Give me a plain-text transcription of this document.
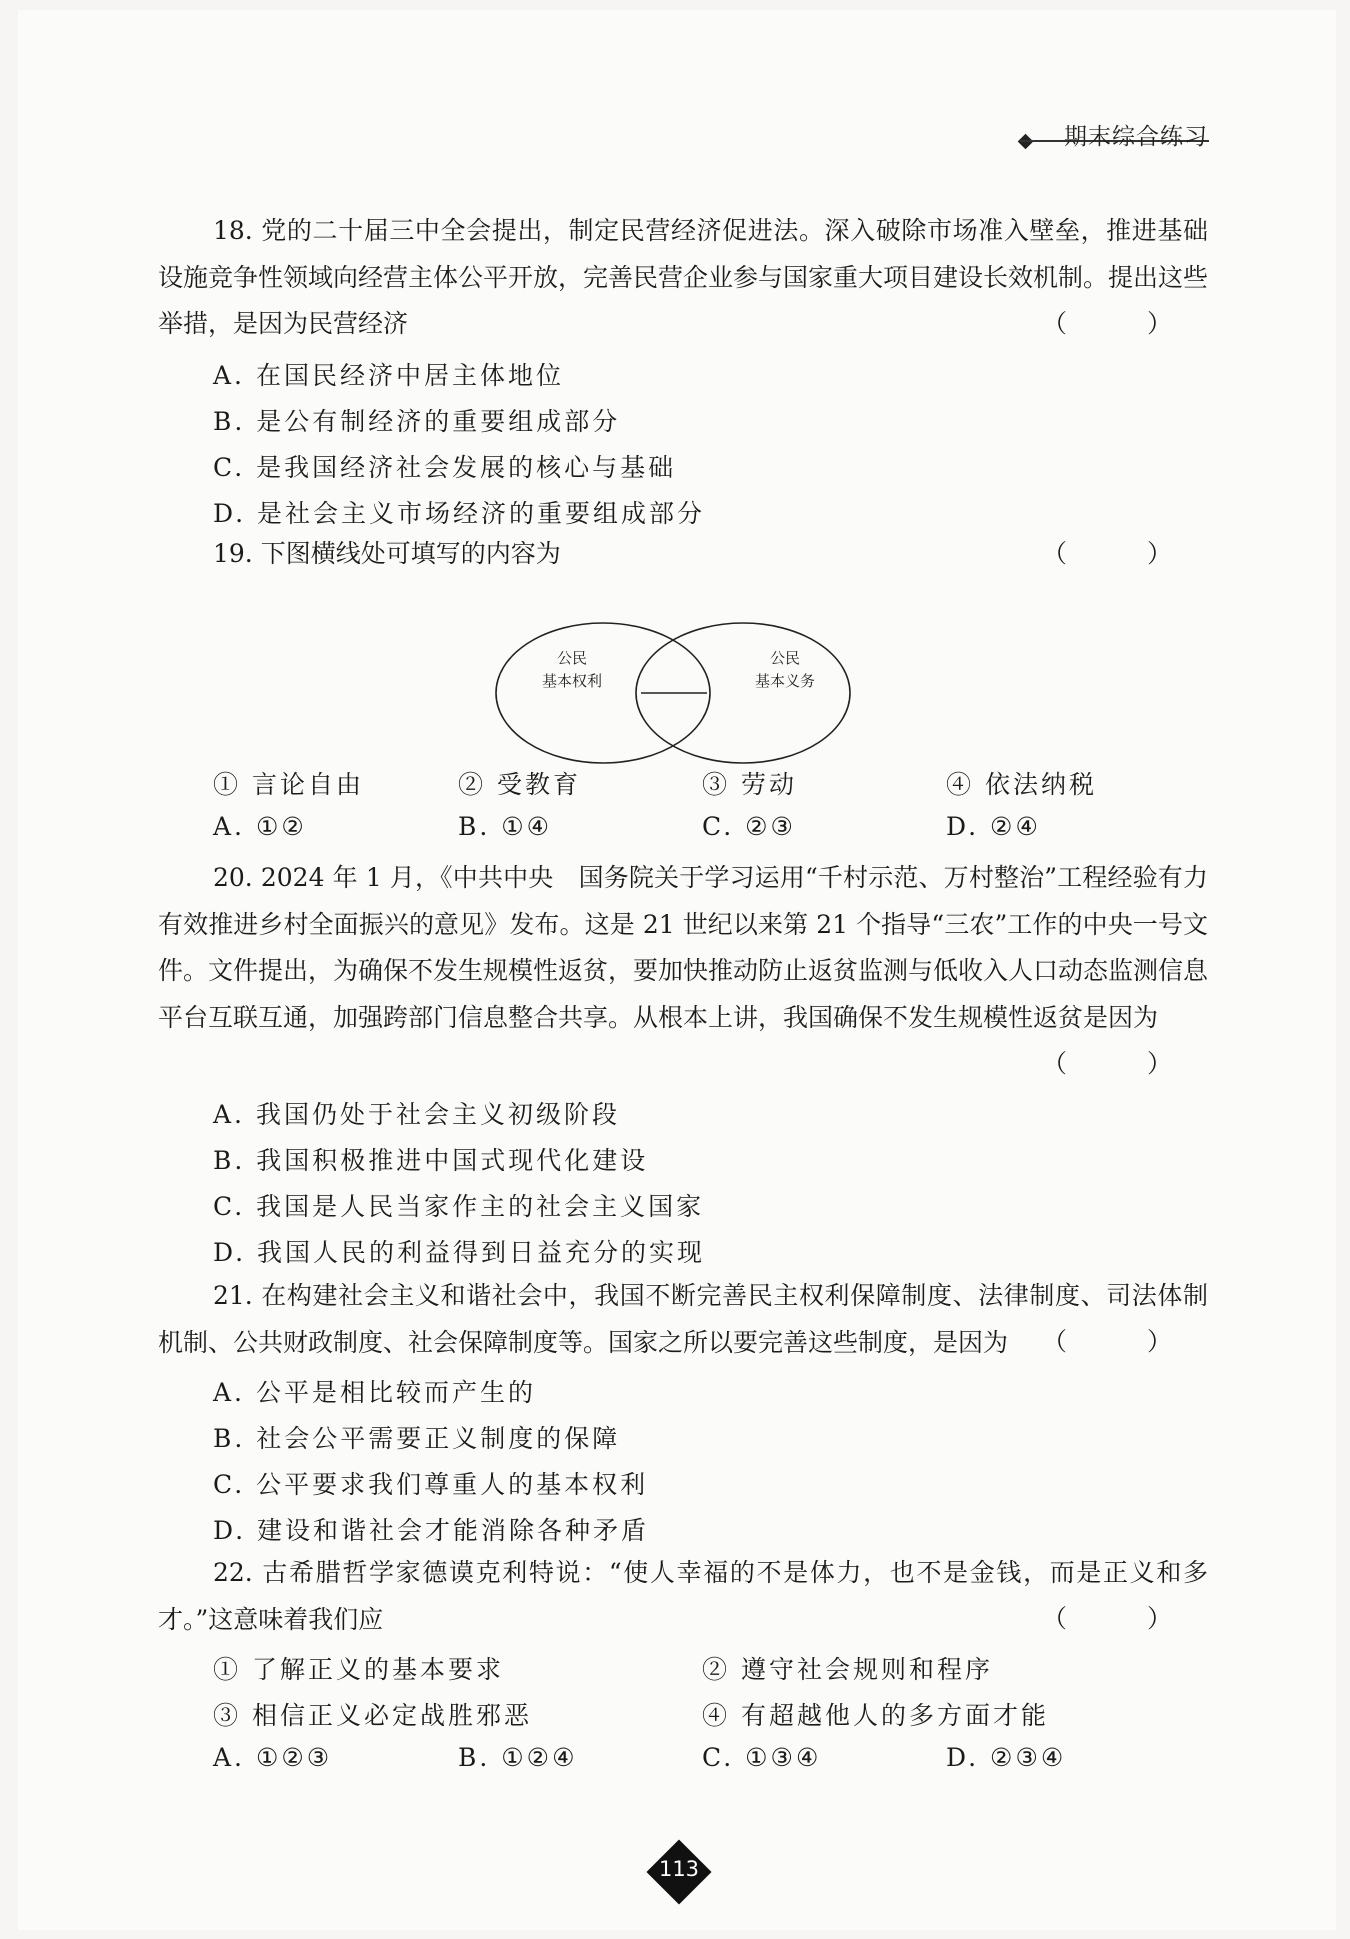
期末综合练习
18. 党的二十届三中全会提出，制定民营经济促进法。深入破除市场准入壁垒，推进基础设施竞争性领域向经营主体公平开放，完善民营企业参与国家重大项目建设长效机制。提出这些举措，是因为民营经济	（ ）
A. 在国民经济中居主体地位
B. 是公有制经济的重要组成部分
C. 是我国经济社会发展的核心与基础
D. 是社会主义市场经济的重要组成部分
19. 下图横线处可填写的内容为	（ ）
公民
基本权利
公民
基本义务
① 言论自由	② 受教育	③ 劳动	④ 依法纳税
A. ①②	B. ①④	C. ②③	D. ②④
20. 2024 年 1 月，《中共中央　国务院关于学习运用“千村示范、万村整治”工程经验有力有效推进乡村全面振兴的意见》发布。这是 21 世纪以来第 21 个指导“三农”工作的中央一号文件。文件提出，为确保不发生规模性返贫，要加快推动防止返贫监测与低收入人口动态监测信息平台互联互通，加强跨部门信息整合共享。从根本上讲，我国确保不发生规模性返贫是因为
（ ）
A. 我国仍处于社会主义初级阶段
B. 我国积极推进中国式现代化建设
C. 我国是人民当家作主的社会主义国家
D. 我国人民的利益得到日益充分的实现
21. 在构建社会主义和谐社会中，我国不断完善民主权利保障制度、法律制度、司法体制机制、公共财政制度、社会保障制度等。国家之所以要完善这些制度，是因为	（ ）
A. 公平是相比较而产生的
B. 社会公平需要正义制度的保障
C. 公平要求我们尊重人的基本权利
D. 建设和谐社会才能消除各种矛盾
22. 古希腊哲学家德谟克利特说：“使人幸福的不是体力，也不是金钱，而是正义和多才。”这意味着我们应	（ ）
① 了解正义的基本要求	② 遵守社会规则和程序
③ 相信正义必定战胜邪恶	④ 有超越他人的多方面才能
A. ①②③	B. ①②④	C. ①③④	D. ②③④
113
